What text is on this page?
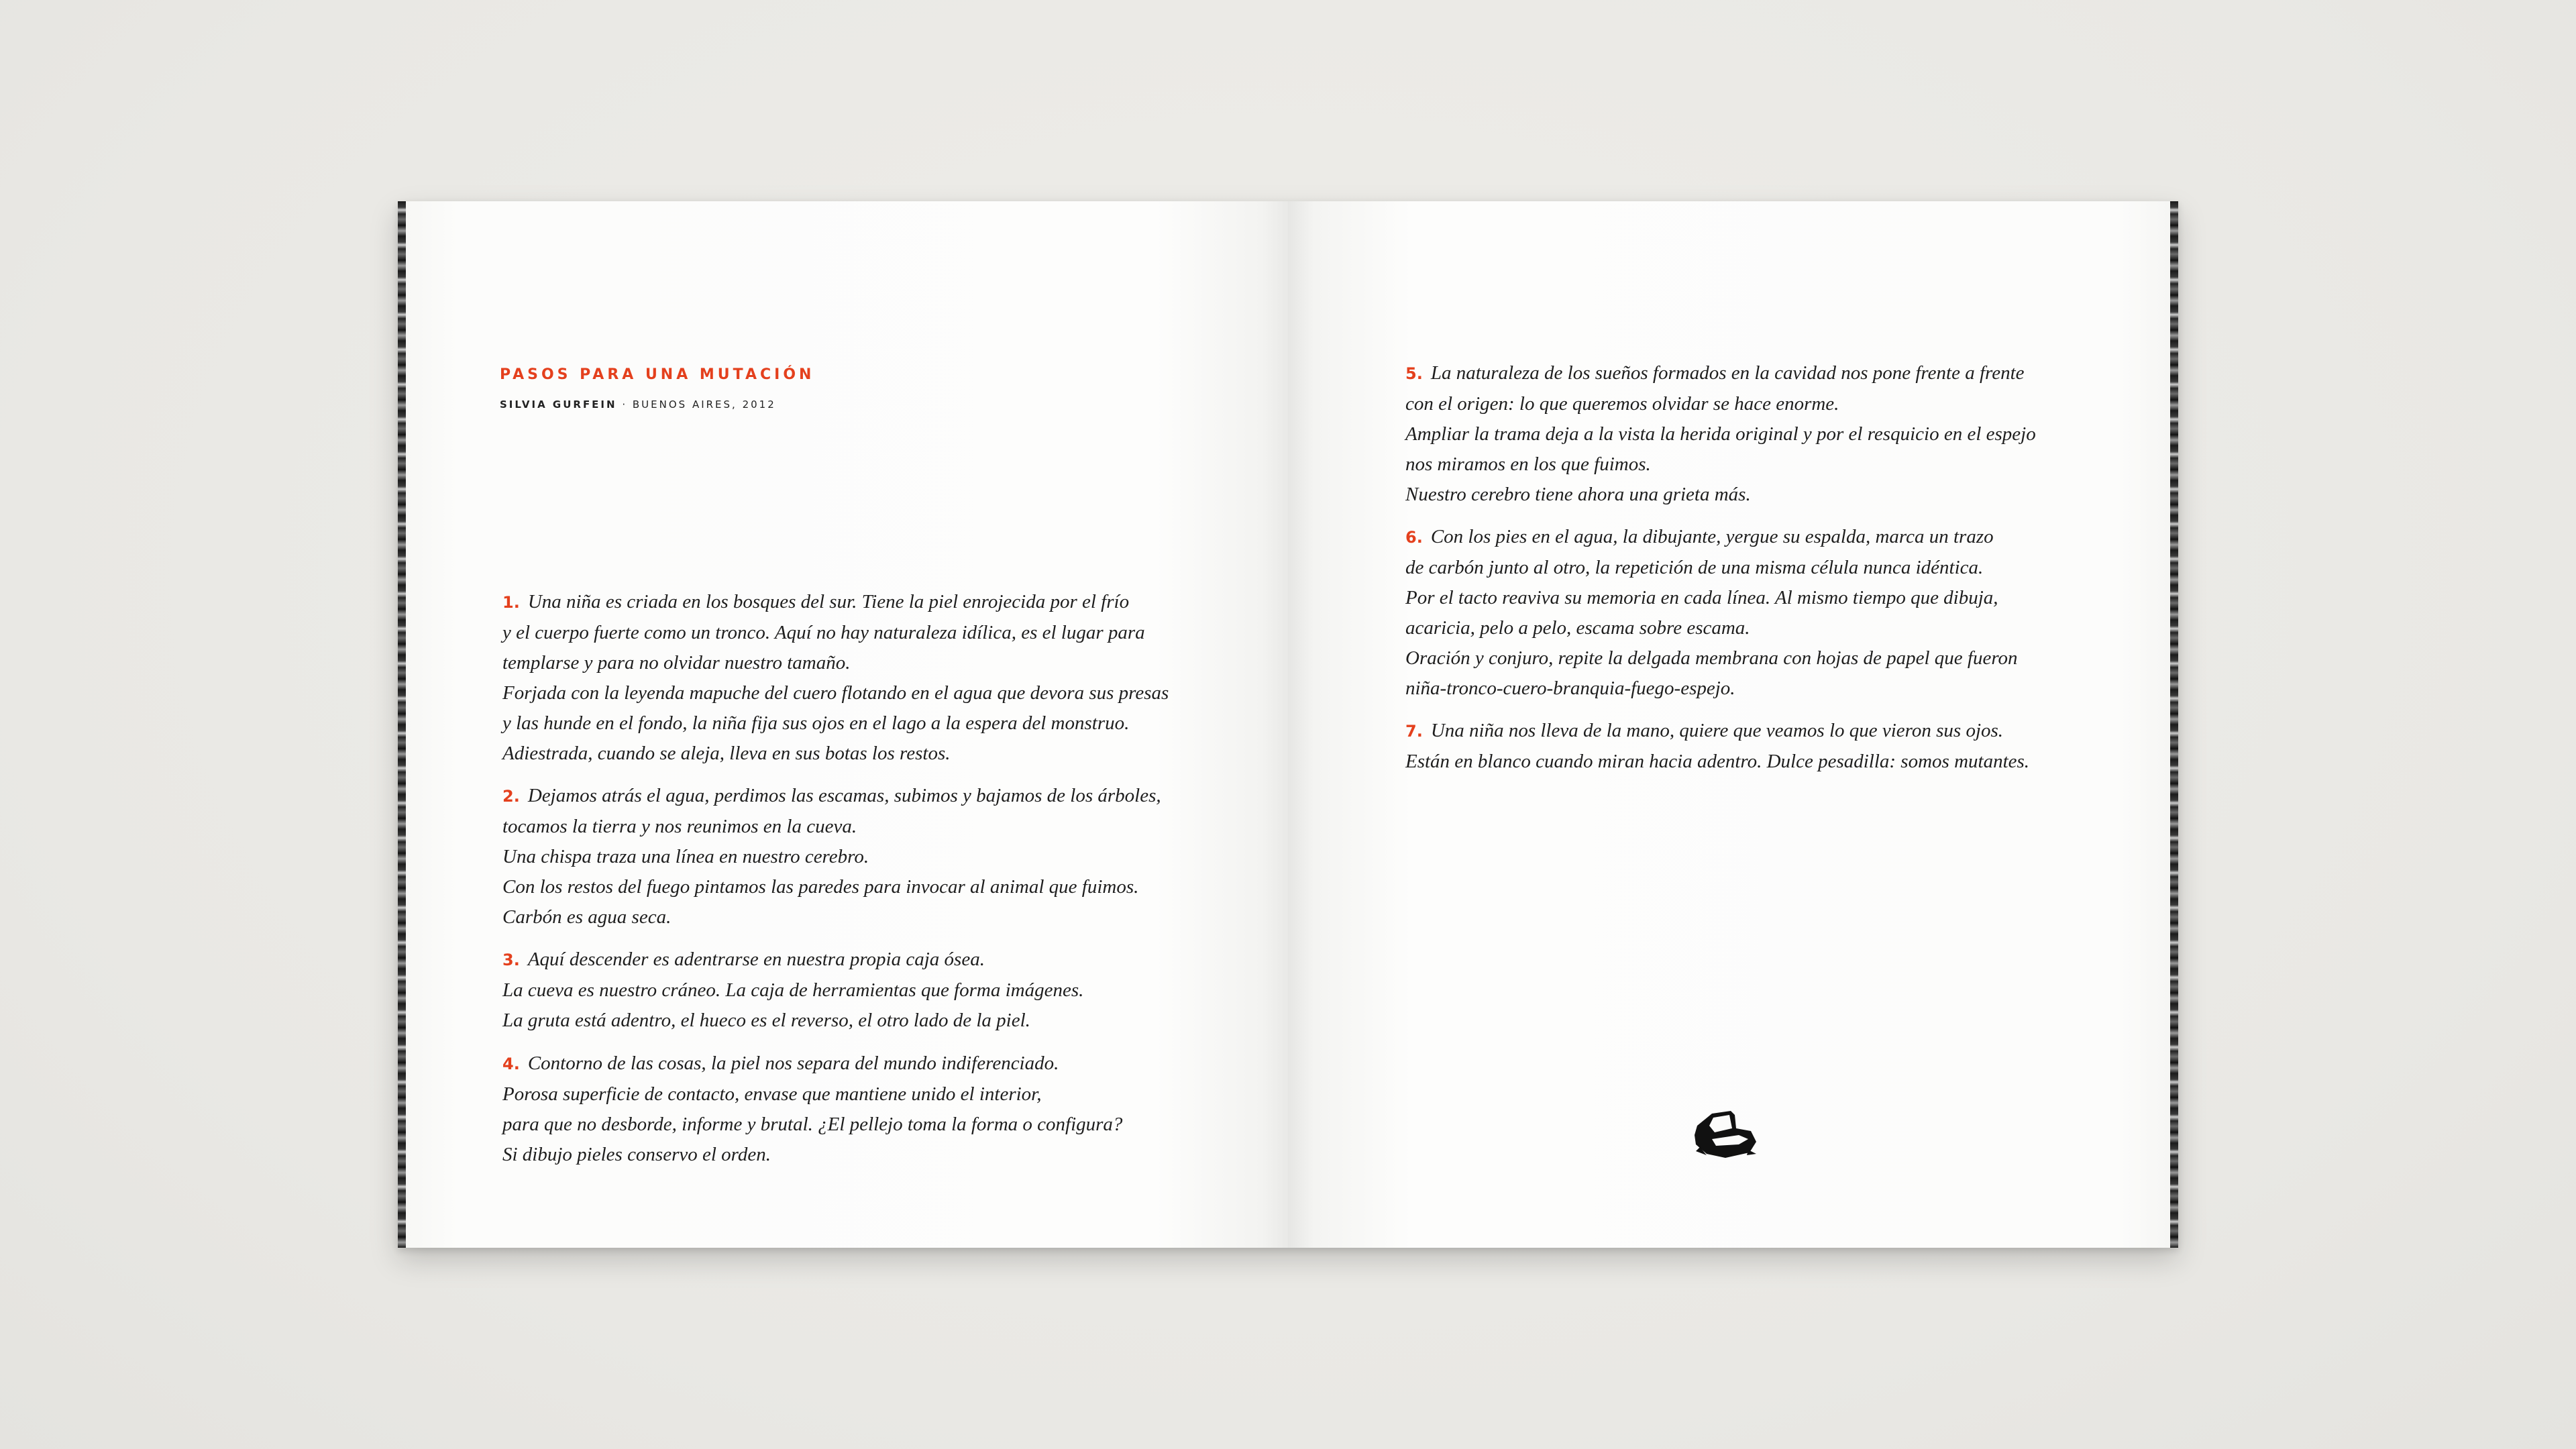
PASOS PARA UNA MUTACIÓN
SILVIA GURFEIN · BUENOS AIRES, 2012
1. Una niña es criada en los bosques del sur. Tiene la piel enrojecida por el frío
y el cuerpo fuerte como un tronco. Aquí no hay naturaleza idílica, es el lugar para
templarse y para no olvidar nuestro tamaño.
Forjada con la leyenda mapuche del cuero flotando en el agua que devora sus presas
y las hunde en el fondo, la niña fija sus ojos en el lago a la espera del monstruo.
Adiestrada, cuando se aleja, lleva en sus botas los restos.
2. Dejamos atrás el agua, perdimos las escamas, subimos y bajamos de los árboles,
tocamos la tierra y nos reunimos en la cueva.
Una chispa traza una línea en nuestro cerebro.
Con los restos del fuego pintamos las paredes para invocar al animal que fuimos.
Carbón es agua seca.
3. Aquí descender es adentrarse en nuestra propia caja ósea.
La cueva es nuestro cráneo. La caja de herramientas que forma imágenes.
La gruta está adentro, el hueco es el reverso, el otro lado de la piel.
4. Contorno de las cosas, la piel nos separa del mundo indiferenciado.
Porosa superficie de contacto, envase que mantiene unido el interior,
para que no desborde, informe y brutal. ¿El pellejo toma la forma o configura?
Si dibujo pieles conservo el orden.
5. La naturaleza de los sueños formados en la cavidad nos pone frente a frente
con el origen: lo que queremos olvidar se hace enorme.
Ampliar la trama deja a la vista la herida original y por el resquicio en el espejo
nos miramos en los que fuimos.
Nuestro cerebro tiene ahora una grieta más.
6. Con los pies en el agua, la dibujante, yergue su espalda, marca un trazo
de carbón junto al otro, la repetición de una misma célula nunca idéntica.
Por el tacto reaviva su memoria en cada línea. Al mismo tiempo que dibuja,
acaricia, pelo a pelo, escama sobre escama.
Oración y conjuro, repite la delgada membrana con hojas de papel que fueron
niña-tronco-cuero-branquia-fuego-espejo.
7. Una niña nos lleva de la mano, quiere que veamos lo que vieron sus ojos.
Están en blanco cuando miran hacia adentro. Dulce pesadilla: somos mutantes.
